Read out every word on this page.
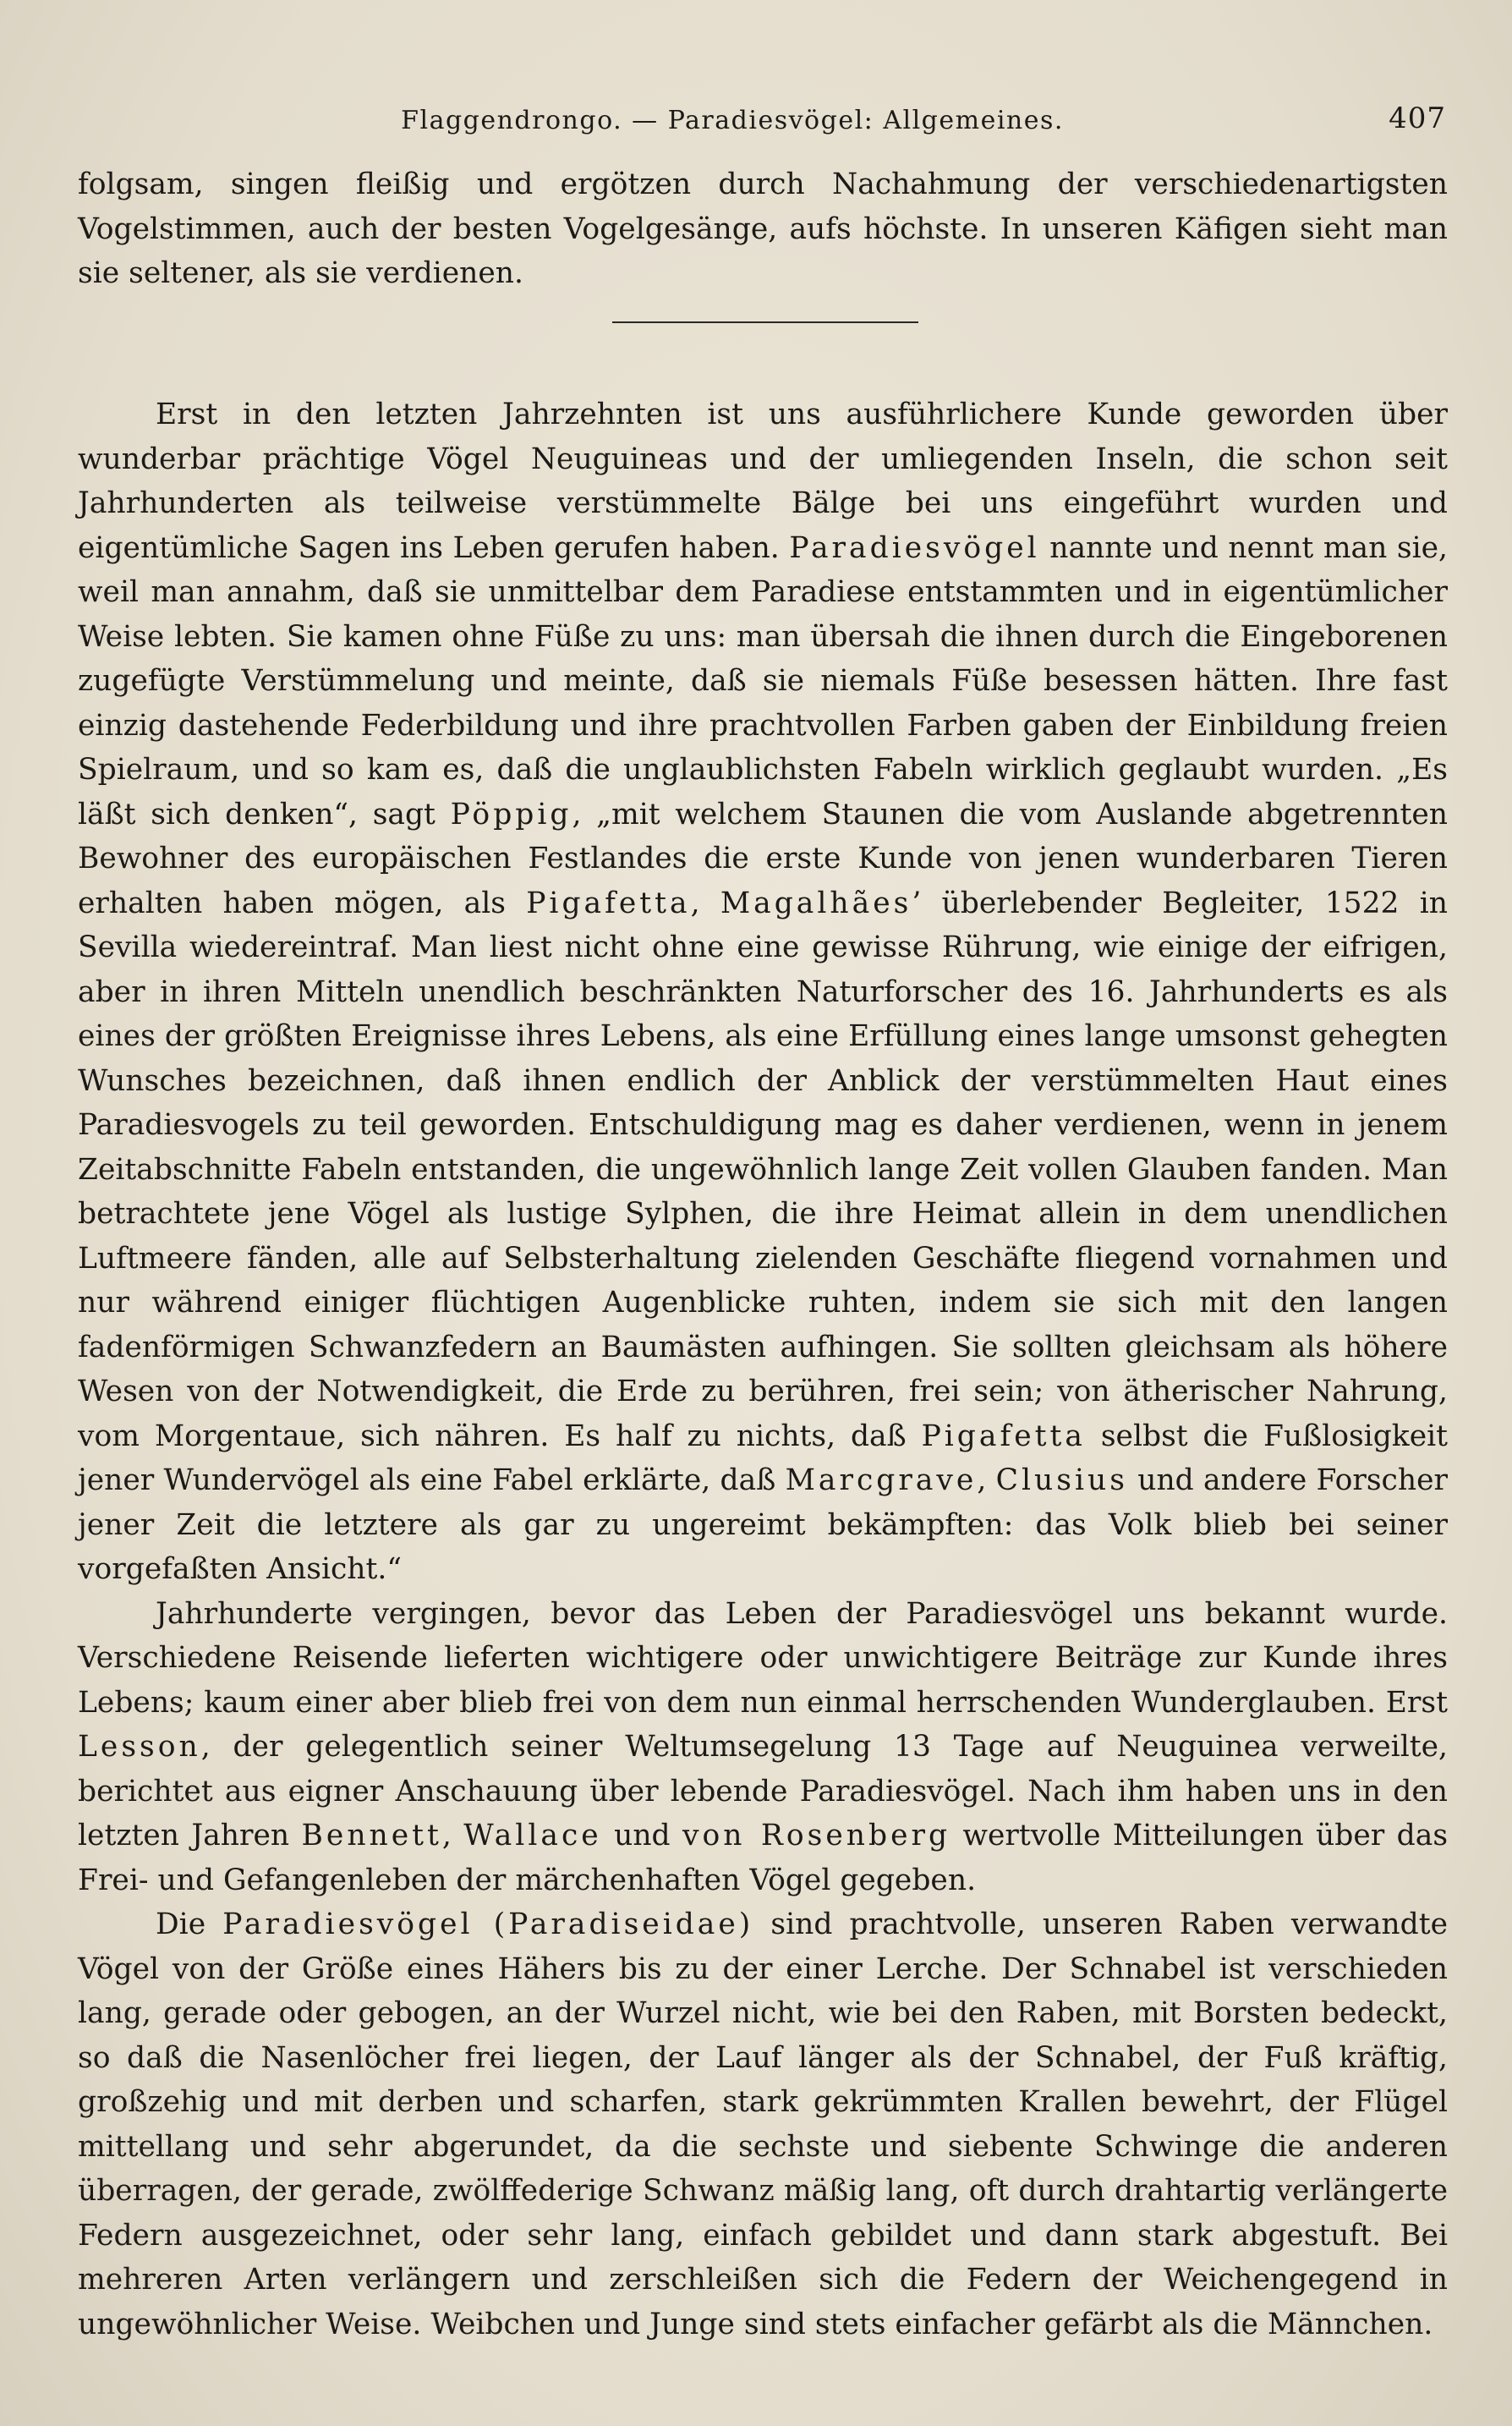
Flaggendrongo. — Paradiesvögel: Allgemeines.	407

folgsam, singen fleißig und ergötzen durch Nachahmung der verschiedenartigsten Vogelstimmen, auch der besten Vogelgesänge, aufs höchste. In unseren Käfigen sieht man sie seltener, als sie verdienen.

Erst in den letzten Jahrzehnten ist uns ausführlichere Kunde geworden über wunderbar prächtige Vögel Neuguineas und der umliegenden Inseln, die schon seit Jahrhunderten als teilweise verstümmelte Bälge bei uns eingeführt wurden und eigentümliche Sagen ins Leben gerufen haben. Paradiesvögel nannte und nennt man sie, weil man annahm, daß sie unmittelbar dem Paradiese entstammten und in eigentümlicher Weise lebten. Sie kamen ohne Füße zu uns: man übersah die ihnen durch die Eingeborenen zugefügte Verstümmelung und meinte, daß sie niemals Füße besessen hätten. Ihre fast einzig dastehende Federbildung und ihre prachtvollen Farben gaben der Einbildung freien Spielraum, und so kam es, daß die unglaublichsten Fabeln wirklich geglaubt wurden. „Es läßt sich denken“, sagt Pöppig, „mit welchem Staunen die vom Auslande abgetrennten Bewohner des europäischen Festlandes die erste Kunde von jenen wunderbaren Tieren erhalten haben mögen, als Pigafetta, Magalhães’ überlebender Begleiter, 1522 in Sevilla wiedereintraf. Man liest nicht ohne eine gewisse Rührung, wie einige der eifrigen, aber in ihren Mitteln unendlich beschränkten Naturforscher des 16. Jahrhunderts es als eines der größten Ereignisse ihres Lebens, als eine Erfüllung eines lange umsonst gehegten Wunsches bezeichnen, daß ihnen endlich der Anblick der verstümmelten Haut eines Paradiesvogels zu teil geworden. Entschuldigung mag es daher verdienen, wenn in jenem Zeitabschnitte Fabeln entstanden, die ungewöhnlich lange Zeit vollen Glauben fanden. Man betrachtete jene Vögel als lustige Sylphen, die ihre Heimat allein in dem unendlichen Luftmeere fänden, alle auf Selbsterhaltung zielenden Geschäfte fliegend vornahmen und nur während einiger flüchtigen Augenblicke ruhten, indem sie sich mit den langen fadenförmigen Schwanzfedern an Baumästen aufhingen. Sie sollten gleichsam als höhere Wesen von der Notwendigkeit, die Erde zu berühren, frei sein; von ätherischer Nahrung, vom Morgentaue, sich nähren. Es half zu nichts, daß Pigafetta selbst die Fußlosigkeit jener Wundervögel als eine Fabel erklärte, daß Marcgrave, Clusius und andere Forscher jener Zeit die letztere als gar zu ungereimt bekämpften: das Volk blieb bei seiner vorgefaßten Ansicht.“

Jahrhunderte vergingen, bevor das Leben der Paradiesvögel uns bekannt wurde. Verschiedene Reisende lieferten wichtigere oder unwichtigere Beiträge zur Kunde ihres Lebens; kaum einer aber blieb frei von dem nun einmal herrschenden Wunderglauben. Erst Lesson, der gelegentlich seiner Weltumsegelung 13 Tage auf Neuguinea verweilte, berichtet aus eigner Anschauung über lebende Paradiesvögel. Nach ihm haben uns in den letzten Jahren Bennett, Wallace und von Rosenberg wertvolle Mitteilungen über das Frei- und Gefangenleben der märchenhaften Vögel gegeben.

Die Paradiesvögel (Paradiseidae) sind prachtvolle, unseren Raben verwandte Vögel von der Größe eines Hähers bis zu der einer Lerche. Der Schnabel ist verschieden lang, gerade oder gebogen, an der Wurzel nicht, wie bei den Raben, mit Borsten bedeckt, so daß die Nasenlöcher frei liegen, der Lauf länger als der Schnabel, der Fuß kräftig, großzehig und mit derben und scharfen, stark gekrümmten Krallen bewehrt, der Flügel mittellang und sehr abgerundet, da die sechste und siebente Schwinge die anderen überragen, der gerade, zwölffederige Schwanz mäßig lang, oft durch drahtartig verlängerte Federn ausgezeichnet, oder sehr lang, einfach gebildet und dann stark abgestuft. Bei mehreren Arten verlängern und zerschleißen sich die Federn der Weichengegend in ungewöhnlicher Weise. Weibchen und Junge sind stets einfacher gefärbt als die Männchen.
